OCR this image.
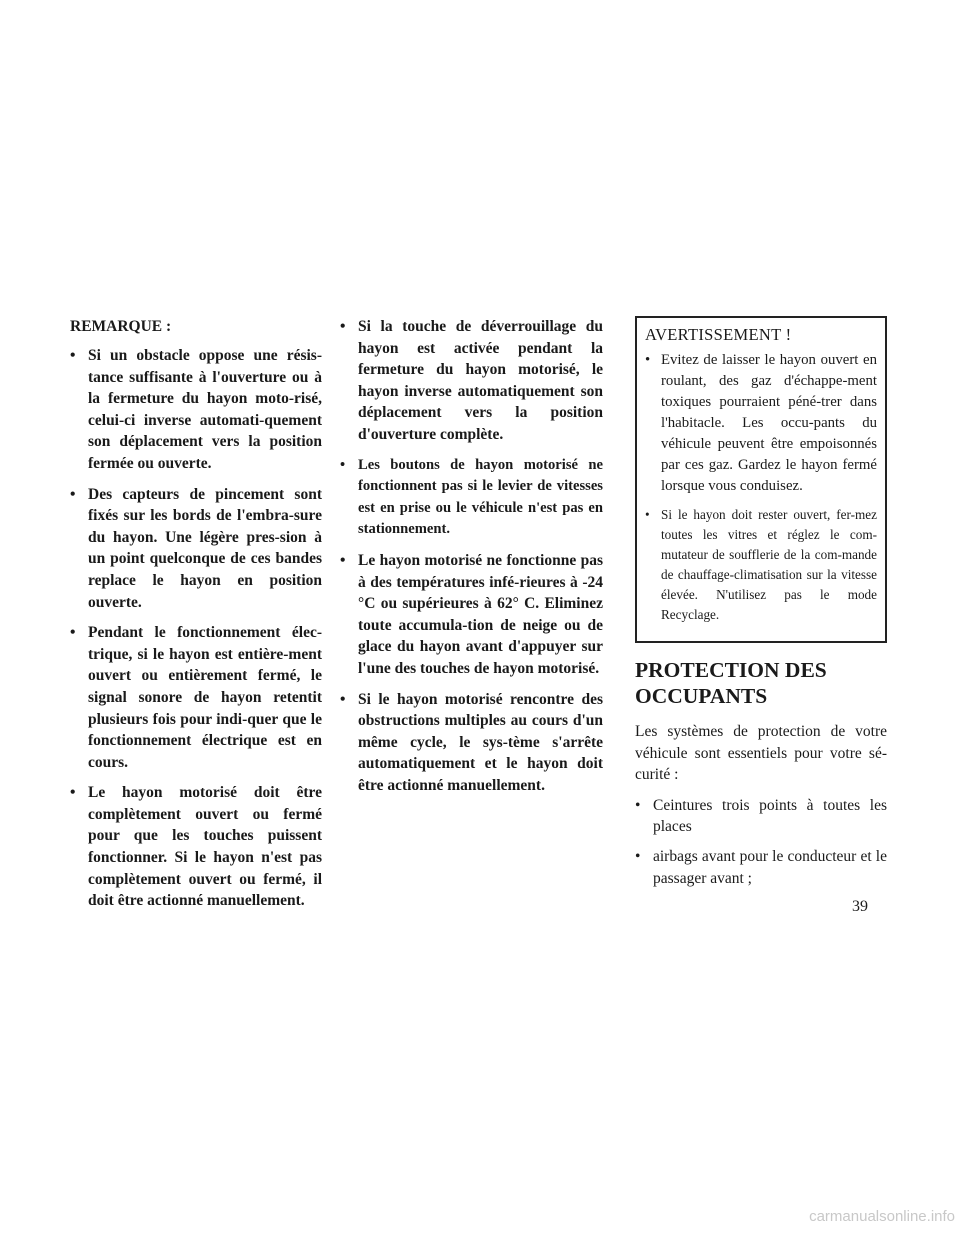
REMARQUE :
• Si un obstacle oppose une résis-tance suffisante à l'ouverture ou à la fermeture du hayon moto-risé, celui-ci inverse automati-quement son déplacement vers la position fermée ou ouverte.
• Des capteurs de pincement sont fixés sur les bords de l'embra-sure du hayon. Une légère pres-sion à un point quelconque de ces bandes replace le hayon en position ouverte.
• Pendant le fonctionnement élec-trique, si le hayon est entière-ment ouvert ou entièrement fermé, le signal sonore de hayon retentit plusieurs fois pour indi-quer que le fonctionnement électrique est en cours.
• Le hayon motorisé doit être complètement ouvert ou fermé pour que les touches puissent fonctionner. Si le hayon n'est pas complètement ouvert ou fermé, il doit être actionné manuellement.
• Si la touche de déverrouillage du hayon est activée pendant la fermeture du hayon motorisé, le hayon inverse automatiquement son déplacement vers la position d'ouverture complète.
• Les boutons de hayon motorisé ne fonctionnent pas si le levier de vitesses est en prise ou le véhicule n'est pas en stationnement.
• Le hayon motorisé ne fonctionne pas à des températures infé-rieures à -24 °C ou supérieures à 62° C. Eliminez toute accumula-tion de neige ou de glace du hayon avant d'appuyer sur l'une des touches de hayon motorisé.
• Si le hayon motorisé rencontre des obstructions multiples au cours d'un même cycle, le sys-tème s'arrête automatiquement et le hayon doit être actionné manuellement.
AVERTISSEMENT !
• Evitez de laisser le hayon ouvert en roulant, des gaz d'échappe-ment toxiques pourraient péné-trer dans l'habitacle. Les occu-pants du véhicule peuvent être empoisonnés par ces gaz. Gardez le hayon fermé lorsque vous conduisez.
• Si le hayon doit rester ouvert, fer-mez toutes les vitres et réglez le com-mutateur de soufflerie de la com-mande de chauffage-climatisation sur la vitesse élevée. N'utilisez pas le mode Recyclage.
PROTECTION DES
OCCUPANTS

Les systèmes de protection de votre véhicule sont essentiels pour votre sé-curité :

• Ceintures trois points à toutes les places
• airbags avant pour le conducteur et le passager avant ;
39
carmanualsonline.info
